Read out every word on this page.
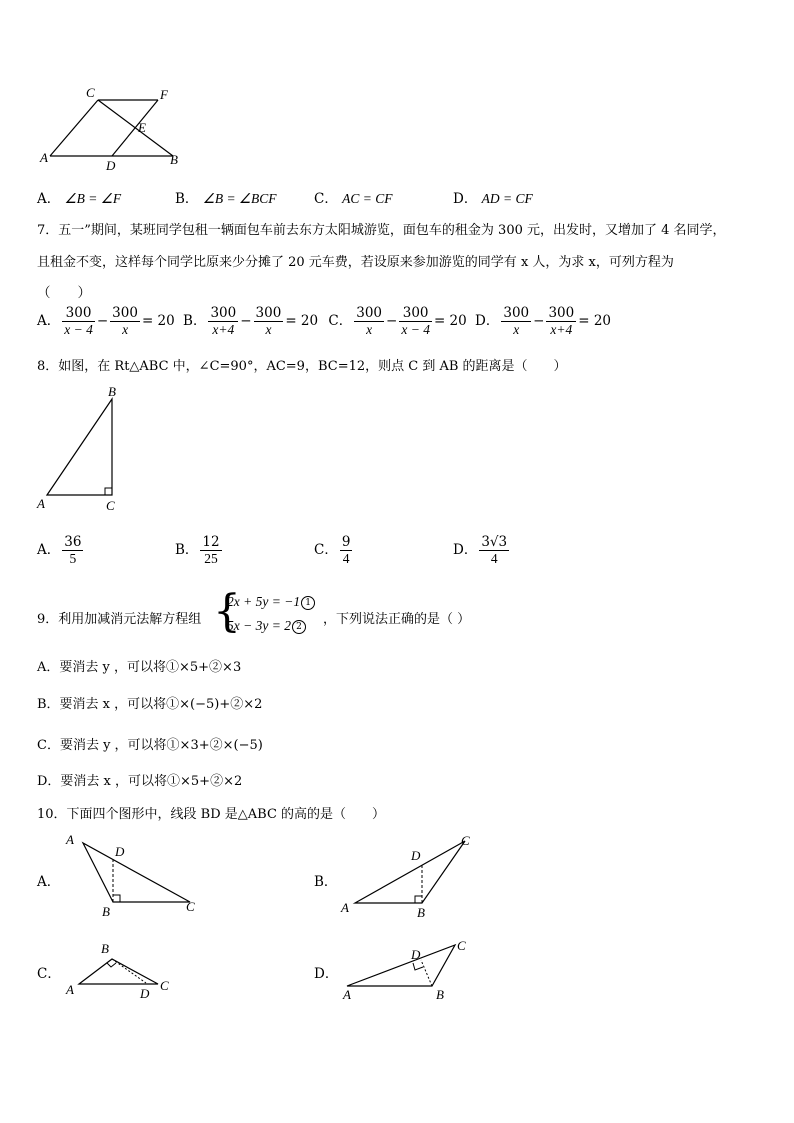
C	F
E
A
D	B
A． ∠B = ∠F	B． ∠B = ∠BCF	C． AC = CF	D． AD = CF
7．五一”期间，某班同学包租一辆面包车前去东方太阳城游览，面包车的租金为 300 元，出发时，又增加了 4 名同学，
且租金不变，这样每个同学比原来少分摊了 20 元车费，若设原来参加游览的同学有 x 人，为求 x，可列方程为
（　　）
A． $\frac{300}{x - 4} - \frac{300}{x} = 20$ B． $\frac{300}{x+4} - \frac{300}{x} = 20$ C． $\frac{300}{x} - \frac{300}{x - 4} = 20$ D． $\frac{300}{x} - \frac{300}{x+4} = 20$
8．如图，在 Rt△ABC 中，∠C=90°，AC=9，BC=12，则点 C 到 AB 的距离是（　　）
B
A	C
A． $\frac{36}{5}$	B． $\frac{12}{25}$	C． $\frac{9}{4}$	D． $\frac{3√3}{4}$
9．利用加减消元法解方程组 {
2x + 5y = −1 1
5x − 3y = 2 2	，下列说法正确的是（ ）
A．要消去 y ，可以将①×5+②×3
B．要消去 x ，可以将①×(−5)+②×2
C．要消去 y ，可以将①×3+②×(−5)
D．要消去 x ，可以将①×5+②×2
10．下面四个图形中，线段 BD 是△ABC 的高的是（　　）
A．
A
D
B	C
B．
A
D
B
C
C．
B
A	D
C
D．
D
C
A	B
